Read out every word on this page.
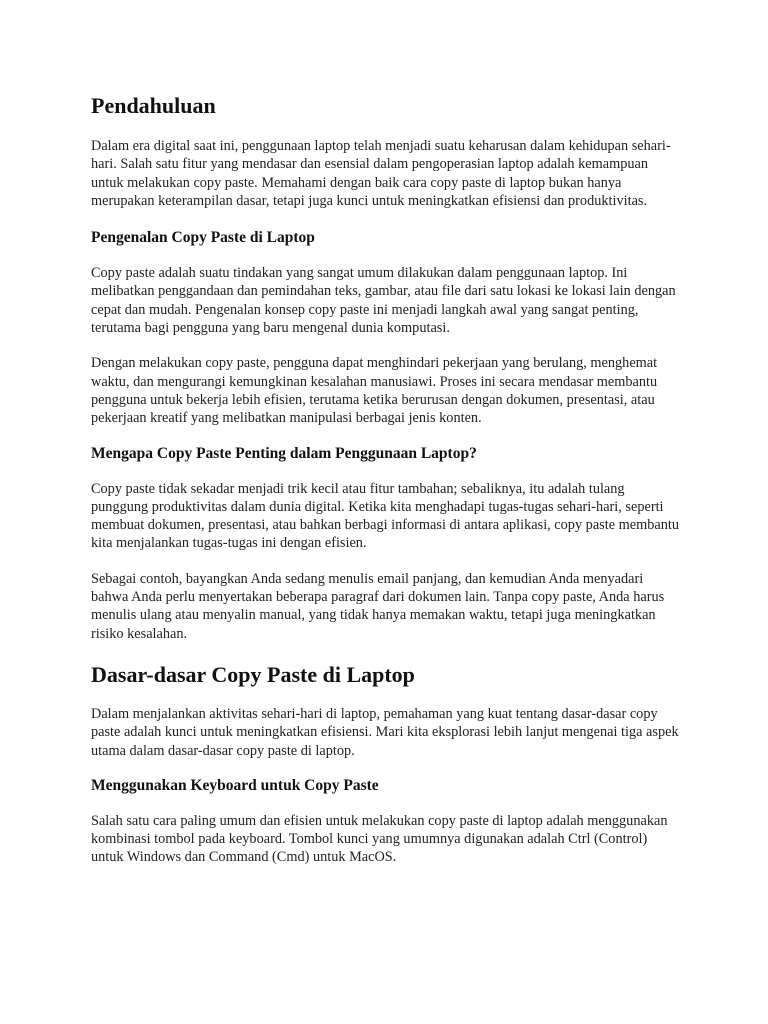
Pendahuluan

Dalam era digital saat ini, penggunaan laptop telah menjadi suatu keharusan dalam kehidupan sehari-hari. Salah satu fitur yang mendasar dan esensial dalam pengoperasian laptop adalah kemampuan untuk melakukan copy paste. Memahami dengan baik cara copy paste di laptop bukan hanya merupakan keterampilan dasar, tetapi juga kunci untuk meningkatkan efisiensi dan produktivitas.

Pengenalan Copy Paste di Laptop

Copy paste adalah suatu tindakan yang sangat umum dilakukan dalam penggunaan laptop. Ini melibatkan penggandaan dan pemindahan teks, gambar, atau file dari satu lokasi ke lokasi lain dengan cepat dan mudah. Pengenalan konsep copy paste ini menjadi langkah awal yang sangat penting, terutama bagi pengguna yang baru mengenal dunia komputasi.

Dengan melakukan copy paste, pengguna dapat menghindari pekerjaan yang berulang, menghemat waktu, dan mengurangi kemungkinan kesalahan manusiawi. Proses ini secara mendasar membantu pengguna untuk bekerja lebih efisien, terutama ketika berurusan dengan dokumen, presentasi, atau pekerjaan kreatif yang melibatkan manipulasi berbagai jenis konten.

Mengapa Copy Paste Penting dalam Penggunaan Laptop?

Copy paste tidak sekadar menjadi trik kecil atau fitur tambahan; sebaliknya, itu adalah tulang punggung produktivitas dalam dunia digital. Ketika kita menghadapi tugas-tugas sehari-hari, seperti membuat dokumen, presentasi, atau bahkan berbagi informasi di antara aplikasi, copy paste membantu kita menjalankan tugas-tugas ini dengan efisien.

Sebagai contoh, bayangkan Anda sedang menulis email panjang, dan kemudian Anda menyadari bahwa Anda perlu menyertakan beberapa paragraf dari dokumen lain. Tanpa copy paste, Anda harus menulis ulang atau menyalin manual, yang tidak hanya memakan waktu, tetapi juga meningkatkan risiko kesalahan.

Dasar-dasar Copy Paste di Laptop

Dalam menjalankan aktivitas sehari-hari di laptop, pemahaman yang kuat tentang dasar-dasar copy paste adalah kunci untuk meningkatkan efisiensi. Mari kita eksplorasi lebih lanjut mengenai tiga aspek utama dalam dasar-dasar copy paste di laptop.

Menggunakan Keyboard untuk Copy Paste

Salah satu cara paling umum dan efisien untuk melakukan copy paste di laptop adalah menggunakan kombinasi tombol pada keyboard. Tombol kunci yang umumnya digunakan adalah Ctrl (Control) untuk Windows dan Command (Cmd) untuk MacOS.
